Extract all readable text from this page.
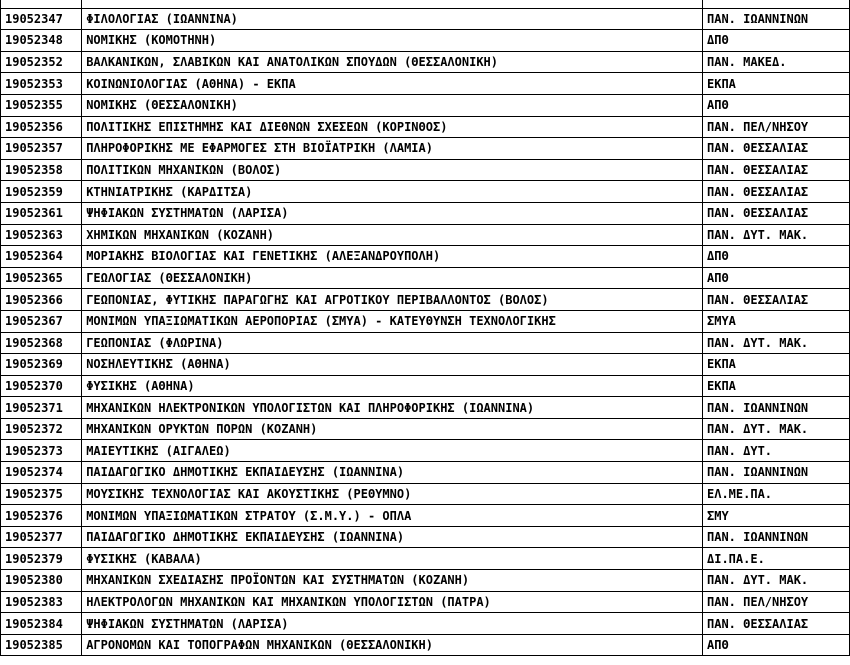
19052347	ΦΙΛΟΛΟΓΙΑΣ (ΙΩΑΝΝΙΝΑ)	ΠΑΝ. ΙΩΑΝΝΙΝΩΝ
19052348	ΝΟΜΙΚΗΣ (ΚΟΜΟΤΗΝΗ)	ΔΠΘ
19052352	ΒΑΛΚΑΝΙΚΩΝ, ΣΛΑΒΙΚΩΝ ΚΑΙ ΑΝΑΤΟΛΙΚΩΝ ΣΠΟΥΔΩΝ (ΘΕΣΣΑΛΟΝΙΚΗ)	ΠΑΝ. ΜΑΚΕΔ.
19052353	ΚΟΙΝΩΝΙΟΛΟΓΙΑΣ (ΑΘΗΝΑ) - ΕΚΠΑ	ΕΚΠΑ
19052355	ΝΟΜΙΚΗΣ (ΘΕΣΣΑΛΟΝΙΚΗ)	ΑΠΘ
19052356	ΠΟΛΙΤΙΚΗΣ ΕΠΙΣΤΗΜΗΣ ΚΑΙ ΔΙΕΘΝΩΝ ΣΧΕΣΕΩΝ (ΚΟΡΙΝΘΟΣ)	ΠΑΝ. ΠΕΛ/ΝΗΣΟΥ
19052357	ΠΛΗΡΟΦΟΡΙΚΗΣ ΜΕ ΕΦΑΡΜΟΓΕΣ ΣΤΗ ΒΙΟΪΑΤΡΙΚΗ (ΛΑΜΙΑ)	ΠΑΝ. ΘΕΣΣΑΛΙΑΣ
19052358	ΠΟΛΙΤΙΚΩΝ ΜΗΧΑΝΙΚΩΝ (ΒΟΛΟΣ)	ΠΑΝ. ΘΕΣΣΑΛΙΑΣ
19052359	ΚΤΗΝΙΑΤΡΙΚΗΣ (ΚΑΡΔΙΤΣΑ)	ΠΑΝ. ΘΕΣΣΑΛΙΑΣ
19052361	ΨΗΦΙΑΚΩΝ ΣΥΣΤΗΜΑΤΩΝ (ΛΑΡΙΣΑ)	ΠΑΝ. ΘΕΣΣΑΛΙΑΣ
19052363	ΧΗΜΙΚΩΝ ΜΗΧΑΝΙΚΩΝ (ΚΟΖΑΝΗ)	ΠΑΝ. ΔΥΤ. ΜΑΚ.
19052364	ΜΟΡΙΑΚΗΣ ΒΙΟΛΟΓΙΑΣ ΚΑΙ ΓΕΝΕΤΙΚΗΣ (ΑΛΕΞΑΝΔΡΟΥΠΟΛΗ)	ΔΠΘ
19052365	ΓΕΩΛΟΓΙΑΣ (ΘΕΣΣΑΛΟΝΙΚΗ)	ΑΠΘ
19052366	ΓΕΩΠΟΝΙΑΣ, ΦΥΤΙΚΗΣ ΠΑΡΑΓΩΓΗΣ ΚΑΙ ΑΓΡΟΤΙΚΟΥ ΠΕΡΙΒΑΛΛΟΝΤΟΣ (ΒΟΛΟΣ)	ΠΑΝ. ΘΕΣΣΑΛΙΑΣ
19052367	ΜΟΝΙΜΩΝ ΥΠΑΞΙΩΜΑΤΙΚΩΝ ΑΕΡΟΠΟΡΙΑΣ (ΣΜΥΑ) - ΚΑΤΕΥΘΥΝΣΗ ΤΕΧΝΟΛΟΓΙΚΗΣ	ΣΜΥΑ
19052368	ΓΕΩΠΟΝΙΑΣ (ΦΛΩΡΙΝΑ)	ΠΑΝ. ΔΥΤ. ΜΑΚ.
19052369	ΝΟΣΗΛΕΥΤΙΚΗΣ (ΑΘΗΝΑ)	ΕΚΠΑ
19052370	ΦΥΣΙΚΗΣ (ΑΘΗΝΑ)	ΕΚΠΑ
19052371	ΜΗΧΑΝΙΚΩΝ ΗΛΕΚΤΡΟΝΙΚΩΝ ΥΠΟΛΟΓΙΣΤΩΝ ΚΑΙ ΠΛΗΡΟΦΟΡΙΚΗΣ (ΙΩΑΝΝΙΝΑ)	ΠΑΝ. ΙΩΑΝΝΙΝΩΝ
19052372	ΜΗΧΑΝΙΚΩΝ ΟΡΥΚΤΩΝ ΠΟΡΩΝ (ΚΟΖΑΝΗ)	ΠΑΝ. ΔΥΤ. ΜΑΚ.
19052373	ΜΑΙΕΥΤΙΚΗΣ (ΑΙΓΑΛΕΩ)	ΠΑΝ. ΔΥΤ.
19052374	ΠΑΙΔΑΓΩΓΙΚΟ ΔΗΜΟΤΙΚΗΣ ΕΚΠΑΙΔΕΥΣΗΣ (ΙΩΑΝΝΙΝΑ)	ΠΑΝ. ΙΩΑΝΝΙΝΩΝ
19052375	ΜΟΥΣΙΚΗΣ ΤΕΧΝΟΛΟΓΙΑΣ ΚΑΙ ΑΚΟΥΣΤΙΚΗΣ (ΡΕΘΥΜΝΟ)	ΕΛ.ΜΕ.ΠΑ.
19052376	ΜΟΝΙΜΩΝ ΥΠΑΞΙΩΜΑΤΙΚΩΝ ΣΤΡΑΤΟΥ (Σ.Μ.Υ.) - ΟΠΛΑ	ΣΜΥ
19052377	ΠΑΙΔΑΓΩΓΙΚΟ ΔΗΜΟΤΙΚΗΣ ΕΚΠΑΙΔΕΥΣΗΣ (ΙΩΑΝΝΙΝΑ)	ΠΑΝ. ΙΩΑΝΝΙΝΩΝ
19052379	ΦΥΣΙΚΗΣ (ΚΑΒΑΛΑ)	ΔΙ.ΠΑ.Ε.
19052380	ΜΗΧΑΝΙΚΩΝ ΣΧΕΔΙΑΣΗΣ ΠΡΟΪΟΝΤΩΝ ΚΑΙ ΣΥΣΤΗΜΑΤΩΝ (ΚΟΖΑΝΗ)	ΠΑΝ. ΔΥΤ. ΜΑΚ.
19052383	ΗΛΕΚΤΡΟΛΟΓΩΝ ΜΗΧΑΝΙΚΩΝ ΚΑΙ ΜΗΧΑΝΙΚΩΝ ΥΠΟΛΟΓΙΣΤΩΝ (ΠΑΤΡΑ)	ΠΑΝ. ΠΕΛ/ΝΗΣΟΥ
19052384	ΨΗΦΙΑΚΩΝ ΣΥΣΤΗΜΑΤΩΝ (ΛΑΡΙΣΑ)	ΠΑΝ. ΘΕΣΣΑΛΙΑΣ
19052385	ΑΓΡΟΝΟΜΩΝ ΚΑΙ ΤΟΠΟΓΡΑΦΩΝ ΜΗΧΑΝΙΚΩΝ (ΘΕΣΣΑΛΟΝΙΚΗ)	ΑΠΘ
